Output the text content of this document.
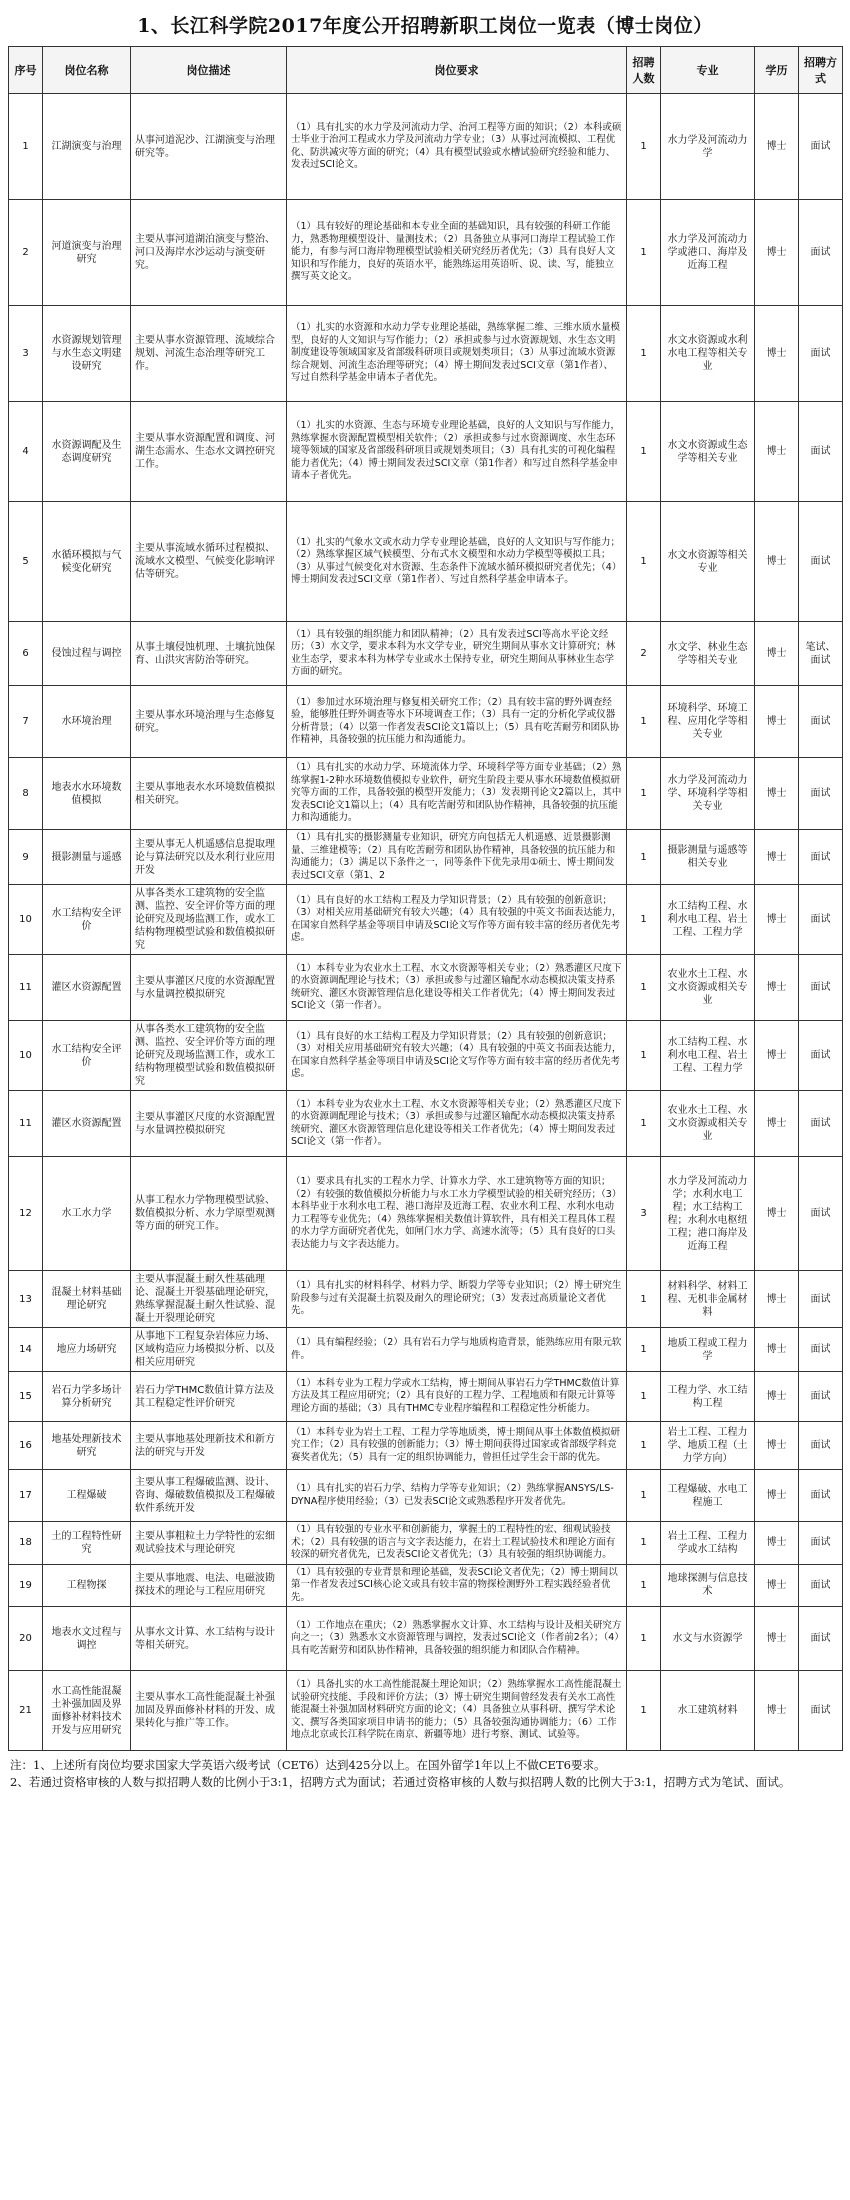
1、长江科学院2017年度公开招聘新职工岗位一览表（博士岗位）
序号	岗位名称	岗位描述	岗位要求	招聘人数	专业	学历	招聘方式
1	江湖演变与治理	从事河道泥沙、江湖演变与治理研究等。	（1）具有扎实的水力学及河流动力学、治河工程等方面的知识；（2）本科或硕士毕业于治河工程或水力学及河流动力学专业；（3）从事过河流模拟、工程优化、防洪减灾等方面的研究；（4）具有模型试验或水槽试验研究经验和能力、发表过SCI论文。	1	水力学及河流动力学	博士	面试
2	河道演变与治理研究	主要从事河道湖泊演变与整治、河口及海岸水沙运动与演变研究。	（1）具有较好的理论基础和本专业全面的基础知识，具有较强的科研工作能力，熟悉物理模型设计、量测技术；（2）具备独立从事河口海岸工程试验工作能力，有参与河口海岸物理模型试验相关研究经历者优先；（3）具有良好人文知识和写作能力，良好的英语水平，能熟练运用英语听、说、读、写，能独立撰写英文论文。	1	水力学及河流动力学或港口、海岸及近海工程	博士	面试
3	水资源规划管理与水生态文明建设研究	主要从事水资源管理、流域综合规划、河流生态治理等研究工作。	（1）扎实的水资源和水动力学专业理论基础，熟练掌握二维、三维水质水量模型，良好的人文知识与写作能力；（2）承担或参与过水资源规划、水生态文明制度建设等领域国家及省部级科研项目或规划类项目；（3）从事过流域水资源综合规划、河流生态治理等研究；（4）博士期间发表过SCI文章（第1作者）、写过自然科学基金申请本子者优先。	1	水文水资源或水利水电工程等相关专业	博士	面试
4	水资源调配及生态调度研究	主要从事水资源配置和调度、河湖生态需水、生态水文调控研究工作。	（1）扎实的水资源、生态与环境专业理论基础，良好的人文知识与写作能力，熟练掌握水资源配置模型相关软件；（2）承担或参与过水资源调度、水生态环境等领域的国家及省部级科研项目或规划类项目；（3）具有扎实的可视化编程能力者优先；（4）博士期间发表过SCI文章（第1作者）和写过自然科学基金申请本子者优先。	1	水文水资源或生态学等相关专业	博士	面试
5	水循环模拟与气候变化研究	主要从事流域水循环过程模拟、流域水文模型、气候变化影响评估等研究。	（1）扎实的气象水文或水动力学专业理论基础，良好的人文知识与写作能力；（2）熟练掌握区域气候模型、分布式水文模型和水动力学模型等模拟工具；（3）从事过气候变化对水资源、生态条件下流域水循环模拟研究者优先；（4）博士期间发表过SCI文章（第1作者）、写过自然科学基金申请本子。	1	水文水资源等相关专业	博士	面试
6	侵蚀过程与调控	从事土壤侵蚀机理、土壤抗蚀保育、山洪灾害防治等研究。	（1）具有较强的组织能力和团队精神；（2）具有发表过SCI等高水平论文经历；（3）水文学，要求本科为水文学专业，研究生期间从事水文计算研究；林业生态学，要求本科为林学专业或水土保持专业，研究生期间从事林业生态学方面的研究。	2	水文学、林业生态学等相关专业	博士	笔试、面试
7	水环境治理	主要从事水环境治理与生态修复研究。	（1）参加过水环境治理与修复相关研究工作；（2）具有较丰富的野外调查经验，能够胜任野外调查等水下环境调查工作；（3）具有一定的分析化学或仪器分析背景；（4）以第一作者发表SCI论文1篇以上；（5）具有吃苦耐劳和团队协作精神，具备较强的抗压能力和沟通能力。	1	环境科学、环境工程、应用化学等相关专业	博士	面试
8	地表水水环境数值模拟	主要从事地表水水环境数值模拟相关研究。	（1）具有扎实的水动力学、环境流体力学、环境科学等方面专业基础；（2）熟练掌握1-2种水环境数值模拟专业软件，研究生阶段主要从事水环境数值模拟研究等方面的工作，具备较强的模型开发能力；（3）发表期刊论文2篇以上，其中发表SCI论文1篇以上；（4）具有吃苦耐劳和团队协作精神，具备较强的抗压能力和沟通能力。	1	水力学及河流动力学、环境科学等相关专业	博士	面试
9	摄影测量与遥感	主要从事无人机遥感信息提取理论与算法研究以及水利行业应用开发	（1）具有扎实的摄影测量专业知识，研究方向包括无人机遥感、近景摄影测量、三维建模等；（2）具有吃苦耐劳和团队协作精神，具备较强的抗压能力和沟通能力；（3）满足以下条件之一，同等条件下优先录用①硕士、博士期间发表过SCI文章（第1、2	1	摄影测量与遥感等相关专业	博士	面试
10	水工结构安全评价	从事各类水工建筑物的安全监测、监控、安全评价等方面的理论研究及现场监测工作，或水工结构物理模型试验和数值模拟研究	（1）具有良好的水工结构工程及力学知识背景；（2）具有较强的创新意识；（3）对相关应用基础研究有较大兴趣；（4）具有较强的中英文书面表达能力，在国家自然科学基金等项目申请及SCI论文写作等方面有较丰富的经历者优先考虑。	1	水工结构工程、水利水电工程、岩土工程、工程力学	博士	面试
11	灌区水资源配置	主要从事灌区尺度的水资源配置与水量调控模拟研究	（1）本科专业为农业水土工程、水文水资源等相关专业；（2）熟悉灌区尺度下的水资源调配理论与技术；（3）承担或参与过灌区输配水动态模拟决策支持系统研究、灌区水资源管理信息化建设等相关工作者优先；（4）博士期间发表过SCI论文（第一作者）。	1	农业水土工程、水文水资源或相关专业	博士	面试
10	水工结构安全评价	从事各类水工建筑物的安全监测、监控、安全评价等方面的理论研究及现场监测工作，或水工结构物理模型试验和数值模拟研究	（1）具有良好的水工结构工程及力学知识背景；（2）具有较强的创新意识；（3）对相关应用基础研究有较大兴趣；（4）具有较强的中英文书面表达能力，在国家自然科学基金等项目申请及SCI论文写作等方面有较丰富的经历者优先考虑。	1	水工结构工程、水利水电工程、岩土工程、工程力学	博士	面试
11	灌区水资源配置	主要从事灌区尺度的水资源配置与水量调控模拟研究	（1）本科专业为农业水土工程、水文水资源等相关专业；（2）熟悉灌区尺度下的水资源调配理论与技术；（3）承担或参与过灌区输配水动态模拟决策支持系统研究、灌区水资源管理信息化建设等相关工作者优先；（4）博士期间发表过SCI论文（第一作者）。	1	农业水土工程、水文水资源或相关专业	博士	面试
12	水工水力学	从事工程水力学物理模型试验、数值模拟分析、水力学原型观测等方面的研究工作。	（1）要求具有扎实的工程水力学、计算水力学、水工建筑物等方面的知识；（2）有较强的数值模拟分析能力与水工水力学模型试验的相关研究经历；（3）本科毕业于水利水电工程、港口海岸及近海工程、农业水利工程、水利水电动力工程等专业优先；（4）熟练掌握相关数值计算软件，具有相关工程具体工程的水力学方面研究者优先，如闸门水力学、高速水流等；（5）具有良好的口头表达能力与文字表达能力。	3	水力学及河流动力学；水利水电工程；水工结构工程；水利水电枢纽工程；港口海岸及近海工程	博士	面试
13	混凝土材料基础理论研究	主要从事混凝土耐久性基础理论、混凝土开裂基础理论研究，熟练掌握混凝土耐久性试验、混凝土开裂理论研究	（1）具有扎实的材料科学、材料力学、断裂力学等专业知识；（2）博士研究生阶段参与过有关混凝土抗裂及耐久的理论研究；（3）发表过高质量论文者优先。	1	材料科学、材料工程、无机非金属材料	博士	面试
14	地应力场研究	从事地下工程复杂岩体应力场、区域构造应力场模拟分析、以及相关应用研究	（1）具有编程经验；（2）具有岩石力学与地质构造背景，能熟练应用有限元软件。	1	地质工程或工程力学	博士	面试
15	岩石力学多场计算分析研究	岩石力学THMC数值计算方法及其工程稳定性评价研究	（1）本科专业为工程力学或水工结构，博士期间从事岩石力学THMC数值计算方法及其工程应用研究；（2）具有良好的工程力学、工程地质和有限元计算等理论方面的基础；（3）具有THMC专业程序编程和工程稳定性分析能力。	1	工程力学、水工结构工程	博士	面试
16	地基处理新技术研究	主要从事地基处理新技术和新方法的研究与开发	（1）本科专业为岩土工程、工程力学等地质类，博士期间从事土体数值模拟研究工作；（2）具有较强的创新能力；（3）博士期间获得过国家或省部级学科竞赛奖者优先；（5）具有一定的组织协调能力，曾担任过学生会干部的优先。	1	岩土工程、工程力学、地质工程（土力学方向）	博士	面试
17	工程爆破	主要从事工程爆破监测、设计、咨询、爆破数值模拟及工程爆破软件系统开发	（1）具有扎实的岩石力学、结构力学等专业知识；（2）熟练掌握ANSYS/LS-DYNA程序使用经验；（3）已发表SCI论文或熟悉程序开发者优先。	1	工程爆破、水电工程施工	博士	面试
18	土的工程特性研究	主要从事粗粒土力学特性的宏细观试验技术与理论研究	（1）具有较强的专业水平和创新能力，掌握土的工程特性的宏、细观试验技术；（2）具有较强的语言与文字表达能力，在岩土工程试验技术和理论方面有较深的研究者优先，已发表SCI论文者优先；（3）具有较强的组织协调能力。	1	岩土工程、工程力学或水工结构	博士	面试
19	工程物探	主要从事地震、电法、电磁波勘探技术的理论与工程应用研究	（1）具有较强的专业背景和理论基础，发表SCI论文者优先；（2）博士期间以第一作者发表过SCI核心论文或具有较丰富的物探检测野外工程实践经验者优先。	1	地球探测与信息技术	博士	面试
20	地表水文过程与调控	从事水文计算、水工结构与设计等相关研究。	（1）工作地点在重庆；（2）熟悉掌握水文计算、水工结构与设计及相关研究方向之一；（3）熟悉水文水资源管理与调控，发表过SCI论文（作者前2名）；（4）具有吃苦耐劳和团队协作精神，具备较强的组织能力和团队合作精神。	1	水文与水资源学	博士	面试
21	水工高性能混凝土补强加固及界面修补材料技术开发与应用研究	主要从事水工高性能混凝土补强加固及界面修补材料的开发、成果转化与推广等工作。	（1）具备扎实的水工高性能混凝土理论知识；（2）熟练掌握水工高性能混凝土试验研究技能、手段和评价方法；（3）博士研究生期间曾经发表有关水工高性能混凝土补强加固材料研究方面的论文；（4）具备独立从事科研、撰写学术论文、撰写各类国家项目申请书的能力；（5）具备较强沟通协调能力；（6）工作地点北京或长江科学院在南京、新疆等地）进行考察、测试、试验等。	1	水工建筑材料	博士	面试
注：1、上述所有岗位均要求国家大学英语六级考试（CET6）达到425分以上。在国外留学1年以上不做CET6要求。
2、若通过资格审核的人数与拟招聘人数的比例小于3:1，招聘方式为面试；若通过资格审核的人数与拟招聘人数的比例大于3:1，招聘方式为笔试、面试。
